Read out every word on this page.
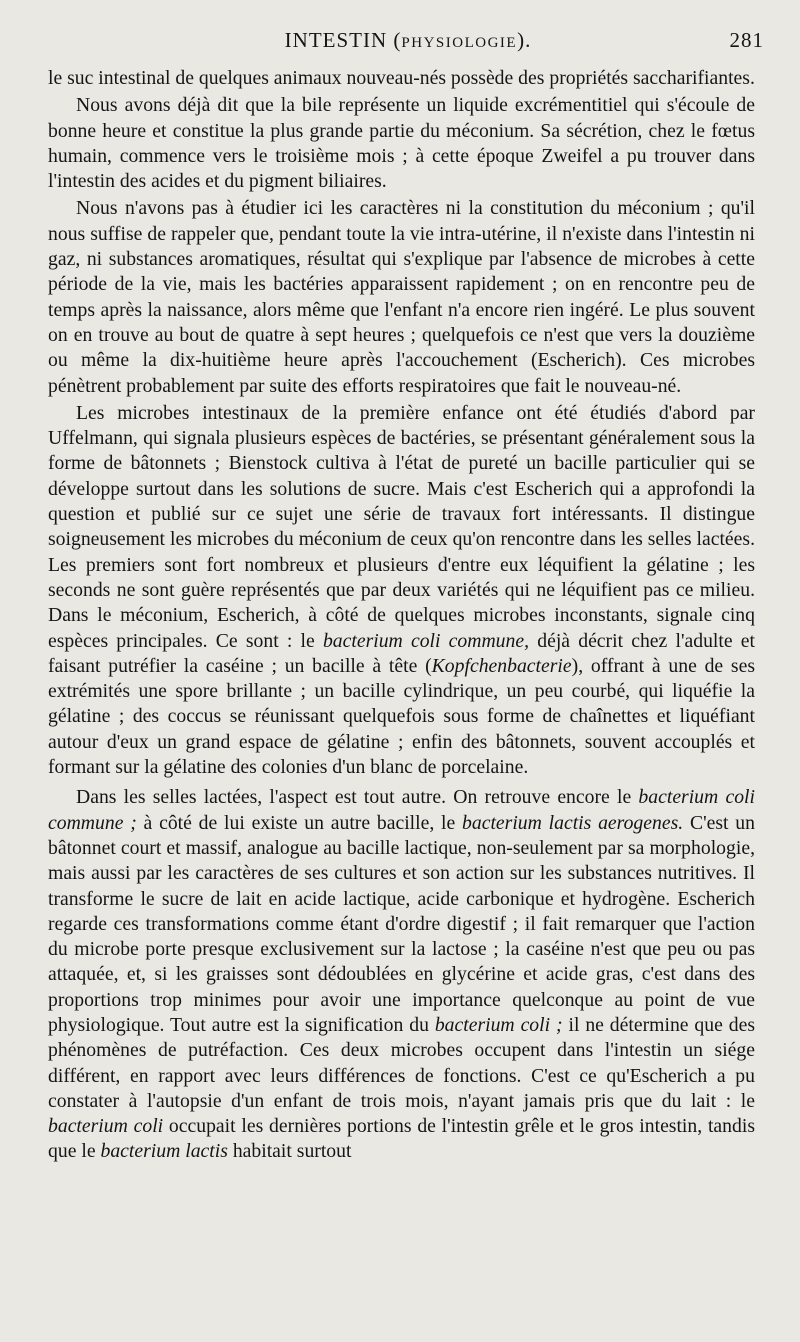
INTESTIN (PHYSIOLOGIE).	281

le suc intestinal de quelques animaux nouveau-nés possède des propriétés saccharifiantes.

Nous avons déjà dit que la bile représente un liquide excrémentitiel qui s'écoule de bonne heure et constitue la plus grande partie du méconium. Sa sécrétion, chez le fœtus humain, commence vers le troisième mois ; à cette époque Zweifel a pu trouver dans l'intestin des acides et du pigment biliaires.

Nous n'avons pas à étudier ici les caractères ni la constitution du méconium ; qu'il nous suffise de rappeler que, pendant toute la vie intra-utérine, il n'existe dans l'intestin ni gaz, ni substances aromatiques, résultat qui s'explique par l'absence de microbes à cette période de la vie, mais les bactéries apparaissent rapidement ; on en rencontre peu de temps après la naissance, alors même que l'enfant n'a encore rien ingéré. Le plus souvent on en trouve au bout de quatre à sept heures ; quelquefois ce n'est que vers la douzième ou même la dix-huitième heure après l'accouchement (Escherich). Ces microbes pénètrent probablement par suite des efforts respiratoires que fait le nouveau-né.

Les microbes intestinaux de la première enfance ont été étudiés d'abord par Uffelmann, qui signala plusieurs espèces de bactéries, se présentant généralement sous la forme de bâtonnets ; Bienstock cultiva à l'état de pureté un bacille particulier qui se développe surtout dans les solutions de sucre. Mais c'est Escherich qui a approfondi la question et publié sur ce sujet une série de travaux fort intéressants. Il distingue soigneusement les microbes du méconium de ceux qu'on rencontre dans les selles lactées. Les premiers sont fort nombreux et plusieurs d'entre eux léquifient la gélatine ; les seconds ne sont guère représentés que par deux variétés qui ne léquifient pas ce milieu. Dans le méconium, Escherich, à côté de quelques microbes inconstants, signale cinq espèces principales. Ce sont : le bacterium coli commune, déjà décrit chez l'adulte et faisant putréfier la caséine ; un bacille à tête (Kopfchenbacterie), offrant à une de ses extrémités une spore brillante ; un bacille cylindrique, un peu courbé, qui liquéfie la gélatine ; des coccus se réunissant quelquefois sous forme de chaînettes et liquéfiant autour d'eux un grand espace de gélatine ; enfin des bâtonnets, souvent accouplés et formant sur la gélatine des colonies d'un blanc de porcelaine.

Dans les selles lactées, l'aspect est tout autre. On retrouve encore le bacterium coli commune ; à côté de lui existe un autre bacille, le bacterium lactis aerogenes. C'est un bâtonnet court et massif, analogue au bacille lactique, non-seulement par sa morphologie, mais aussi par les caractères de ses cultures et son action sur les substances nutritives. Il transforme le sucre de lait en acide lactique, acide carbonique et hydrogène. Escherich regarde ces transformations comme étant d'ordre digestif ; il fait remarquer que l'action du microbe porte presque exclusivement sur la lactose ; la caséine n'est que peu ou pas attaquée, et, si les graisses sont dédoublées en glycérine et acide gras, c'est dans des proportions trop minimes pour avoir une importance quelconque au point de vue physiologique. Tout autre est la signification du bacterium coli ; il ne détermine que des phénomènes de putréfaction. Ces deux microbes occupent dans l'intestin un siége différent, en rapport avec leurs différences de fonctions. C'est ce qu'Escherich a pu constater à l'autopsie d'un enfant de trois mois, n'ayant jamais pris que du lait : le bacterium coli occupait les dernières portions de l'intestin grêle et le gros intestin, tandis que le bacterium lactis habitait surtout
